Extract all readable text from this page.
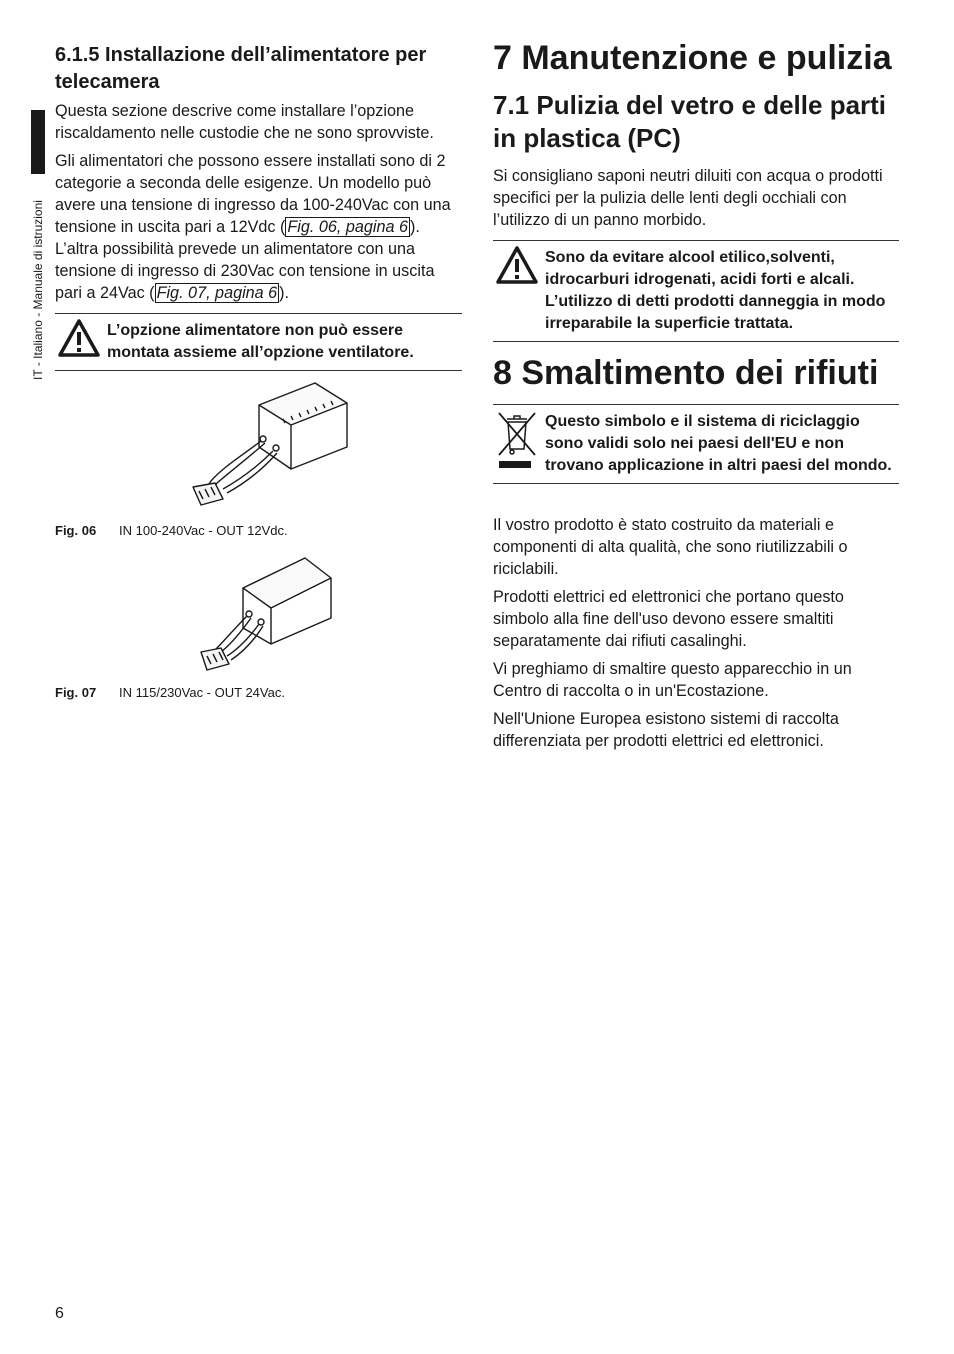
IT - Italiano - Manuale di istruzioni
6.1.5 Installazione dell’alimentatore per telecamera

Questa sezione descrive come installare l’opzione riscaldamento nelle custodie che ne sono sprovviste.

Gli alimentatori che possono essere installati sono di 2 categorie a seconda delle esigenze. Un modello può avere una tensione di ingresso da 100-240Vac con una tensione in uscita pari a 12Vdc ( Fig. 06, pagina 6 ). L’altra possibilità prevede un alimentatore con una tensione di ingresso di 230Vac con tensione in uscita pari a 24Vac ( Fig. 07, pagina 6 ).

L’opzione alimentatore non può essere montata assieme all’opzione ventilatore.
Fig. 06 IN 100-240Vac - OUT 12Vdc.
Fig. 07 IN 115/230Vac - OUT 24Vac.
7 Manutenzione e pulizia
7.1 Pulizia del vetro e delle parti in plastica (PC)

Si consigliano saponi neutri diluiti con acqua o prodotti specifici per la pulizia delle lenti degli occhiali con l’utilizzo di un panno morbido.

Sono da evitare alcool etilico,solventi, idrocarburi idrogenati, acidi forti e alcali. L’utilizzo di detti prodotti danneggia in modo irreparabile la superficie trattata.
8 Smaltimento dei rifiuti
Questo simbolo e il sistema di riciclaggio sono validi solo nei paesi dell'EU e non trovano applicazione in altri paesi del mondo.

Il vostro prodotto è stato costruito da materiali e componenti di alta qualità, che sono riutilizzabili o riciclabili.

Prodotti elettrici ed elettronici che portano questo simbolo alla fine dell'uso devono essere smaltiti separatamente dai rifiuti casalinghi.

Vi preghiamo di smaltire questo apparecchio in un Centro di raccolta o in un'Ecostazione.

Nell'Unione Europea esistono sistemi di raccolta differenziata per prodotti elettrici ed elettronici.

6
